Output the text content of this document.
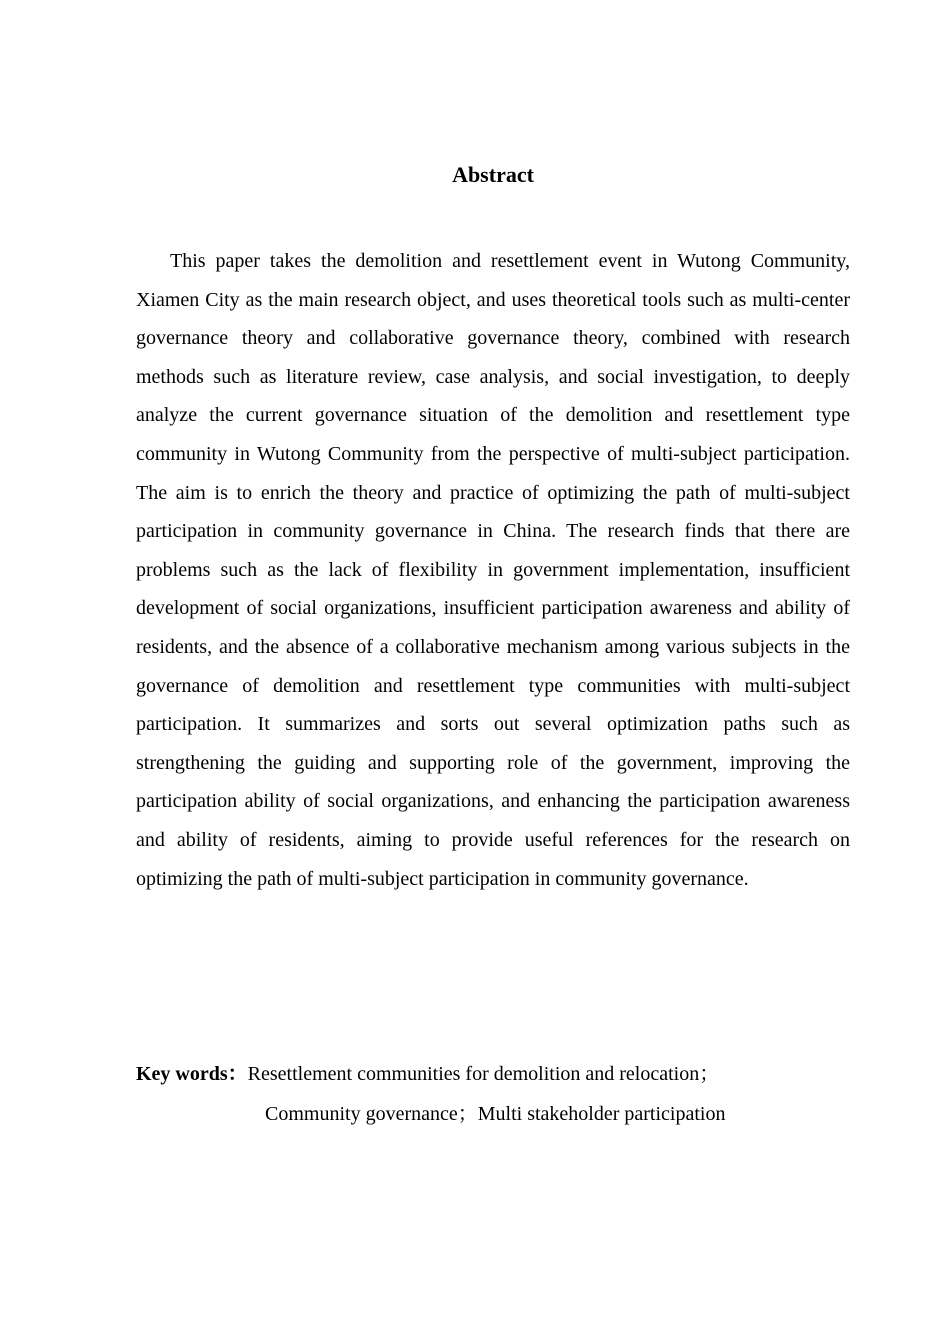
Abstract

This paper takes the demolition and resettlement event in Wutong Community, Xiamen City as the main research object, and uses theoretical tools such as multi-center governance theory and collaborative governance theory, combined with research methods such as literature review, case analysis, and social investigation, to deeply analyze the current governance situation of the demolition and resettlement type community in Wutong Community from the perspective of multi-subject participation. The aim is to enrich the theory and practice of optimizing the path of multi-subject participation in community governance in China. The research finds that there are problems such as the lack of flexibility in government implementation, insufficient development of social organizations, insufficient participation awareness and ability of residents, and the absence of a collaborative mechanism among various subjects in the governance of demolition and resettlement type communities with multi-subject participation. It summarizes and sorts out several optimization paths such as strengthening the guiding and supporting role of the government, improving the participation ability of social organizations, and enhancing the participation awareness and ability of residents, aiming to provide useful references for the research on optimizing the path of multi-subject participation in community governance.

Key words：Resettlement communities for demolition and relocation；
Community governance；Multi stakeholder participation
